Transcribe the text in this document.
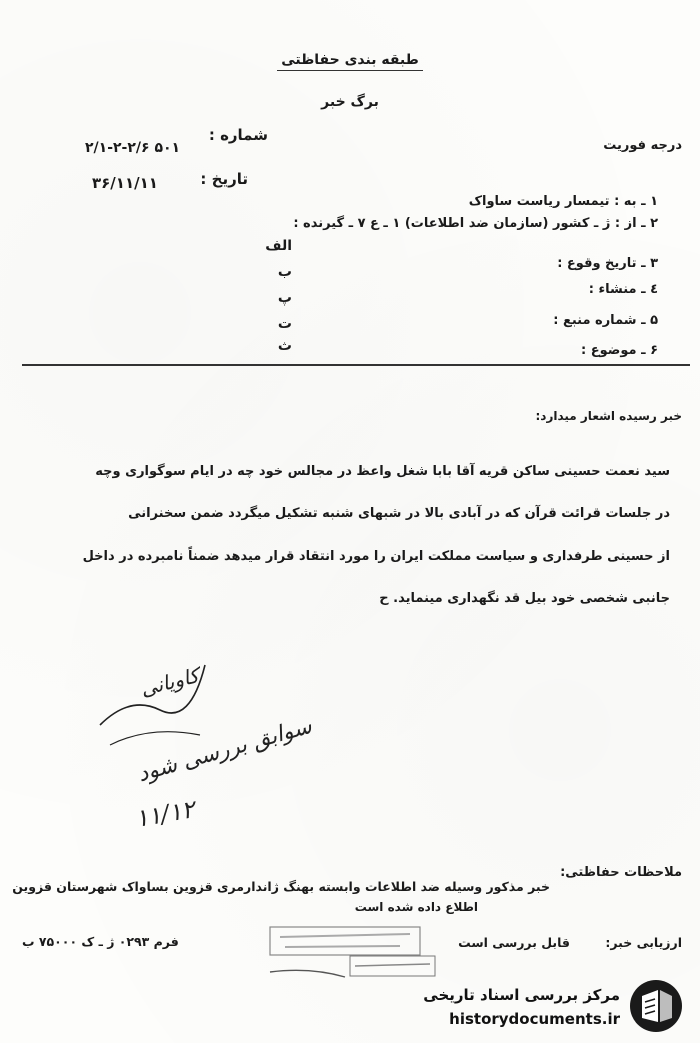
طبقه بندی حفاظتی
برگ خبر
درجه فوریت
شماره :
۲/۱-۲-۲/۶ ۵۰۱
تاریخ :
۳۶/۱۱/۱۱
۱ ـ به : تیمسار ریاست ساواک
۲ ـ از : ژ ـ کشور (سازمان ضد اطلاعات) ۱ ـ ع ۷ ـ گیرنده :
الف
۳ ـ تاریخ وقوع :
ب
٤ ـ منشاء :
پ
۵ ـ شماره منبع :
ت
۶ ـ موضوع :
ث
خبر رسیده اشعار میدارد:
سید نعمت حسینی ساکن قریه آقا بابا شغل واعظ در مجالس خود چه در ایام سوگواری وچه
در جلسات قرائت قرآن که در آبادی بالا در شبهای شنبه تشکیل میگردد ضمن سخنرانی
از حسینی طرفداری و سیاست مملکت ایران را مورد انتقاد قرار میدهد ضمناً نامبرده در داخل
جانبی شخصی خود بیل قد نگهداری مینماید. ح
کاویانی
سوابق بررسی شود
۱۱/۱۲
ملاحظات حفاظتی:
خبر مذکور وسیله ضد اطلاعات وابسته بهنگ ژاندارمری قزوین بساواک شهرستان قزوین
اطلاع داده شده است
ارزیابی خبر:
قابل بررسی است
فرم ۰۲۹۳ ژ ـ ک ۷۵۰۰۰ ب
مرکز بررسی اسناد تاریخی
historydocuments.ir
